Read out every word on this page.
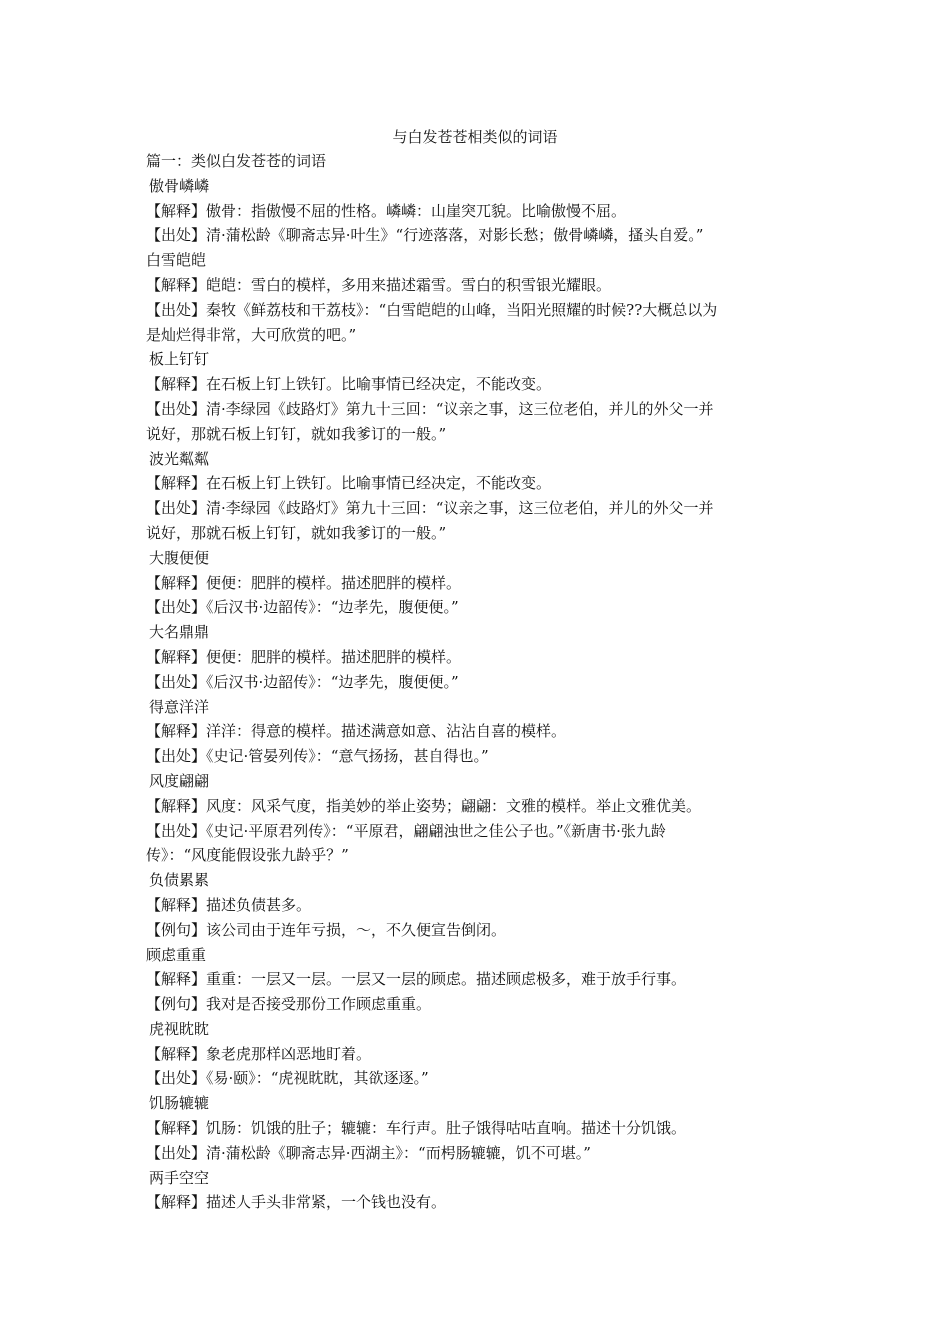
与白发苍苍相类似的词语
篇一：类似白发苍苍的词语
傲骨嶙嶙
【解释】傲骨：指傲慢不屈的性格。嶙嶙：山崖突兀貌。比喻傲慢不屈。
【出处】清·蒲松龄《聊斋志异·叶生》“行迹落落，对影长愁；傲骨嶙嶙，搔头自爱。”
白雪皑皑
【解释】皑皑：雪白的模样，多用来描述霜雪。雪白的积雪银光耀眼。
【出处】秦牧《鲜荔枝和干荔枝》：“白雪皑皑的山峰，当阳光照耀的时候??大概总以为
是灿烂得非常，大可欣赏的吧。”
板上钉钉
【解释】在石板上钉上铁钉。比喻事情已经决定，不能改变。
【出处】清·李绿园《歧路灯》第九十三回：“议亲之事，这三位老伯，并儿的外父一并
说好，那就石板上钉钉，就如我爹订的一般。”
波光粼粼
【解释】在石板上钉上铁钉。比喻事情已经决定，不能改变。
【出处】清·李绿园《歧路灯》第九十三回：“议亲之事，这三位老伯，并儿的外父一并
说好，那就石板上钉钉，就如我爹订的一般。”
大腹便便
【解释】便便：肥胖的模样。描述肥胖的模样。
【出处】《后汉书·边韶传》：“边孝先，腹便便。”
大名鼎鼎
【解释】便便：肥胖的模样。描述肥胖的模样。
【出处】《后汉书·边韶传》：“边孝先，腹便便。”
得意洋洋
【解释】洋洋：得意的模样。描述满意如意、沾沾自喜的模样。
【出处】《史记·管晏列传》：“意气扬扬，甚自得也。”
风度翩翩
【解释】风度：风采气度，指美妙的举止姿势；翩翩：文雅的模样。举止文雅优美。
【出处】《史记·平原君列传》：“平原君，翩翩浊世之佳公子也。”《新唐书·张九龄
传》：“风度能假设张九龄乎？”
负债累累
【解释】描述负债甚多。
【例句】该公司由于连年亏损，～，不久便宣告倒闭。
顾虑重重
【解释】重重：一层又一层。一层又一层的顾虑。描述顾虑极多，难于放手行事。
【例句】我对是否接受那份工作顾虑重重。
虎视眈眈
【解释】象老虎那样凶恶地盯着。
【出处】《易·颐》：“虎视眈眈，其欲逐逐。”
饥肠辘辘
【解释】饥肠：饥饿的肚子；辘辘：车行声。肚子饿得咕咕直响。描述十分饥饿。
【出处】清·蒲松龄《聊斋志异·西湖主》：“而枵肠辘辘，饥不可堪。”
两手空空
【解释】描述人手头非常紧，一个钱也没有。
